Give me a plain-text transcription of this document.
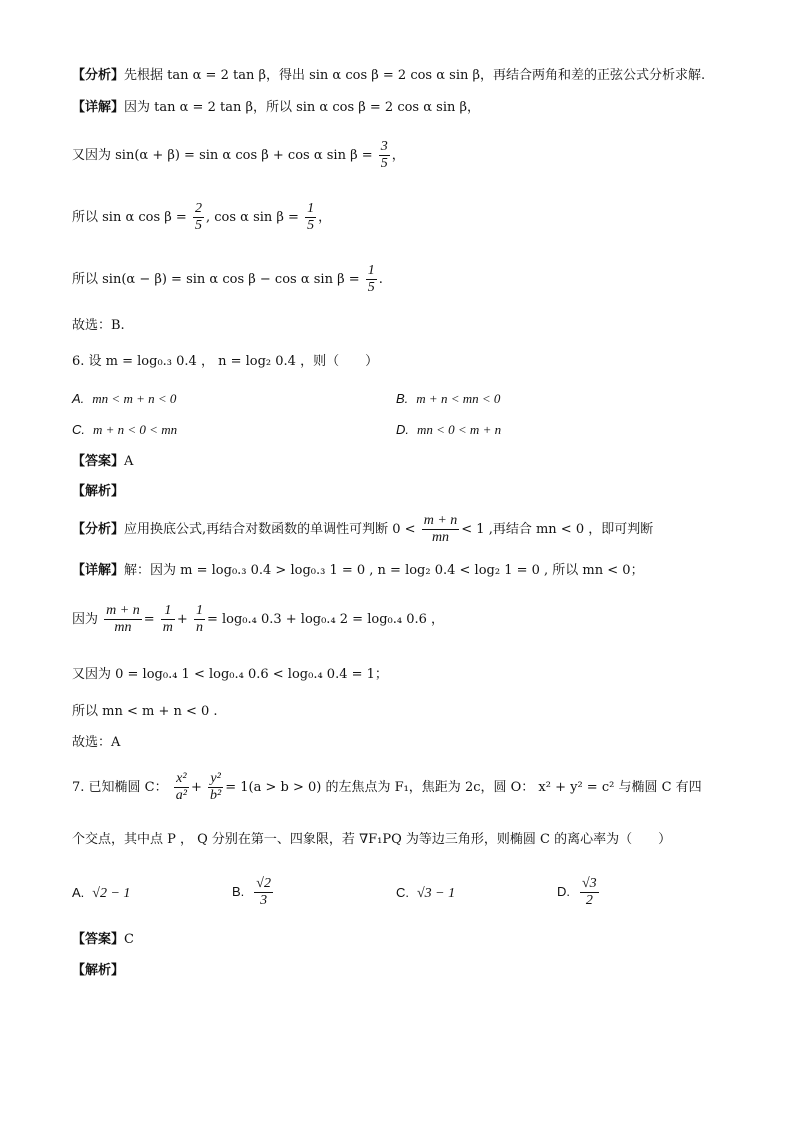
【分析】先根据 tan α = 2 tan β，得出 sin α cos β = 2 cos α sin β，再结合两角和差的正弦公式分析求解.
【详解】因为 tan α = 2 tan β，所以 sin α cos β = 2 cos α sin β，
又因为 sin(α + β) = sin α cos β + cos α $\sin \beta = \frac{3}{5}$ ，
所以 sin α $\cos \beta = \frac{2}{5}$ , cos α $\sin \beta = \frac{1}{5}$ ，
所以 sin(α − β) = sin α cos β − cos α $\sin \beta = \frac{1}{5}$ .
故选：B.
6. 设 m = log₀.₃ 0.4 ， n = log₂ 0.4 ，则（　　）
A. mn < m + n < 0	B. m + n < mn < 0
C. m + n < 0 < mn	D. mn < 0 < m + n
【答案】A
【解析】
【分析】应用换底公式,再结合对数函数的单调性可判断 $0 < \frac{m + n}{mn} < 1$ ,再结合 mn < 0 ，即可判断
【详解】解：因为 m = log₀.₃ 0.4 > log₀.₃ 1 = 0 , n = log₂ 0.4 < log₂ 1 = 0 , 所以 mn < 0；
因为 $\frac{m + n}{mn} = \frac{1}{m} + \frac{1}{n} = \log_0._4$ 0.3 + log₀.₄ 2 = log₀.₄ 0.6 ，
又因为 0 = log₀.₄ 1 < log₀.₄ 0.6 < log₀.₄ 0.4 = 1；
所以 mn < m + n < 0 .
故选：A
7. 已知椭圆 C： $\frac{\text{x²}}{\text{a²}} + \frac{\text{y²}}{\text{b²}} = 1(a > b > 0)$ 的左焦点为 F₁，焦距为 2c，圆 O： x² + y² = c² 与椭圆 C 有四
个交点，其中点 P ， Q 分别在第一、四象限，若 ∇F₁PQ 为等边三角形，则椭圆 C 的离心率为（　　）
A. √2 − 1	B. $\frac{√2}{3}$	C. √3 − 1	D. $\frac{√3}{2}$
【答案】C
【解析】
